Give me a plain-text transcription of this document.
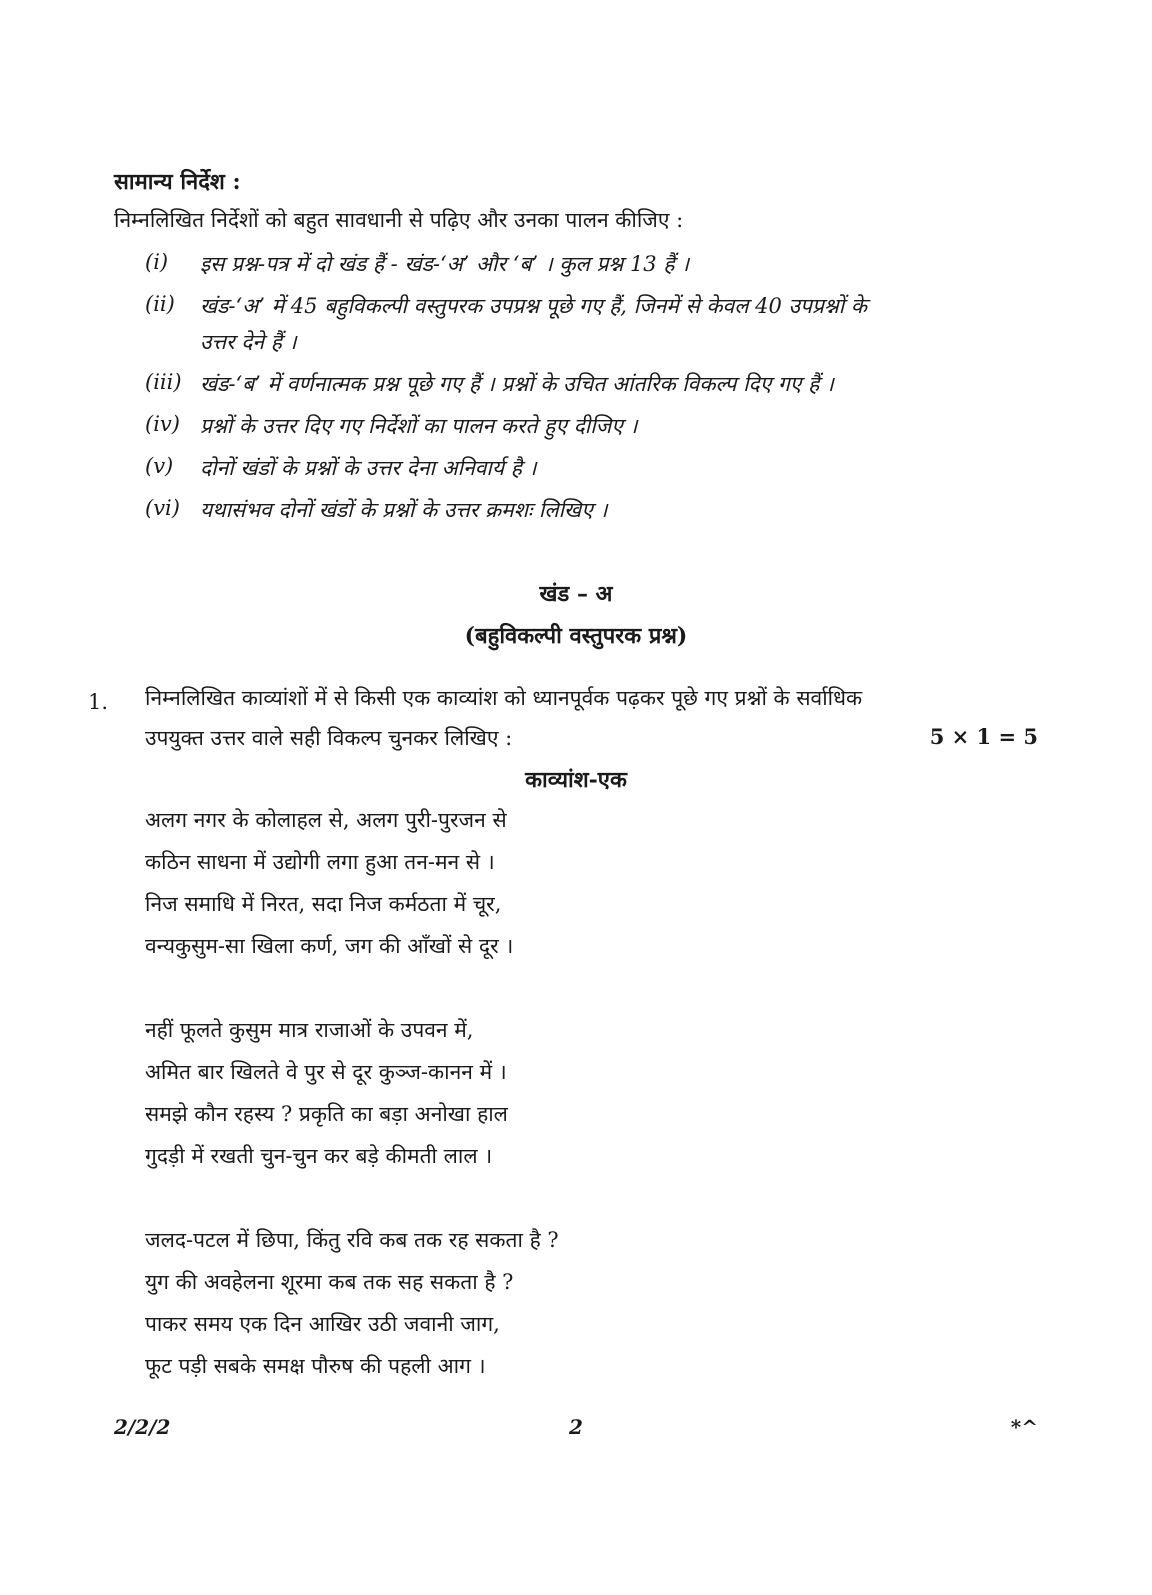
सामान्य निर्देश :
निम्नलिखित निर्देशों को बहुत सावधानी से पढ़िए और उनका पालन कीजिए :
(i) इस प्रश्न-पत्र में दो खंड हैं - खंड-‘अ’ और ‘ब’ । कुल प्रश्न 13 हैं ।
(ii) खंड-‘अ’ में 45 बहुविकल्पी वस्तुपरक उपप्रश्न पूछे गए हैं, जिनमें से केवल 40 उपप्रश्नों के
उत्तर देने हैं ।
(iii) खंड-‘ब’ में वर्णनात्मक प्रश्न पूछे गए हैं । प्रश्नों के उचित आंतरिक विकल्प दिए गए हैं ।
(iv) प्रश्नों के उत्तर दिए गए निर्देशों का पालन करते हुए दीजिए ।
(v) दोनों खंडों के प्रश्नों के उत्तर देना अनिवार्य है ।
(vi) यथासंभव दोनों खंडों के प्रश्नों के उत्तर क्रमशः लिखिए ।
खंड – अ
(बहुविकल्पी वस्तुपरक प्रश्न)
1. निम्नलिखित काव्यांशों में से किसी एक काव्यांश को ध्यानपूर्वक पढ़कर पूछे गए प्रश्नों के सर्वाधिक
उपयुक्त उत्तर वाले सही विकल्प चुनकर लिखिए :	5 × 1 = 5
काव्यांश-एक
अलग नगर के कोलाहल से, अलग पुरी-पुरजन से
कठिन साधना में उद्योगी लगा हुआ तन-मन से ।
निज समाधि में निरत, सदा निज कर्मठता में चूर,
वन्यकुसुम-सा खिला कर्ण, जग की आँखों से दूर ।
नहीं फूलते कुसुम मात्र राजाओं के उपवन में,
अमित बार खिलते वे पुर से दूर कुञ्ज-कानन में ।
समझे कौन रहस्य ? प्रकृति का बड़ा अनोखा हाल
गुदड़ी में रखती चुन-चुन कर बड़े कीमती लाल ।
जलद-पटल में छिपा, किंतु रवि कब तक रह सकता है ?
युग की अवहेलना शूरमा कब तक सह सकता है ?
पाकर समय एक दिन आखिर उठी जवानी जाग,
फूट पड़ी सबके समक्ष पौरुष की पहली आग ।
2/2/2	2	*^
